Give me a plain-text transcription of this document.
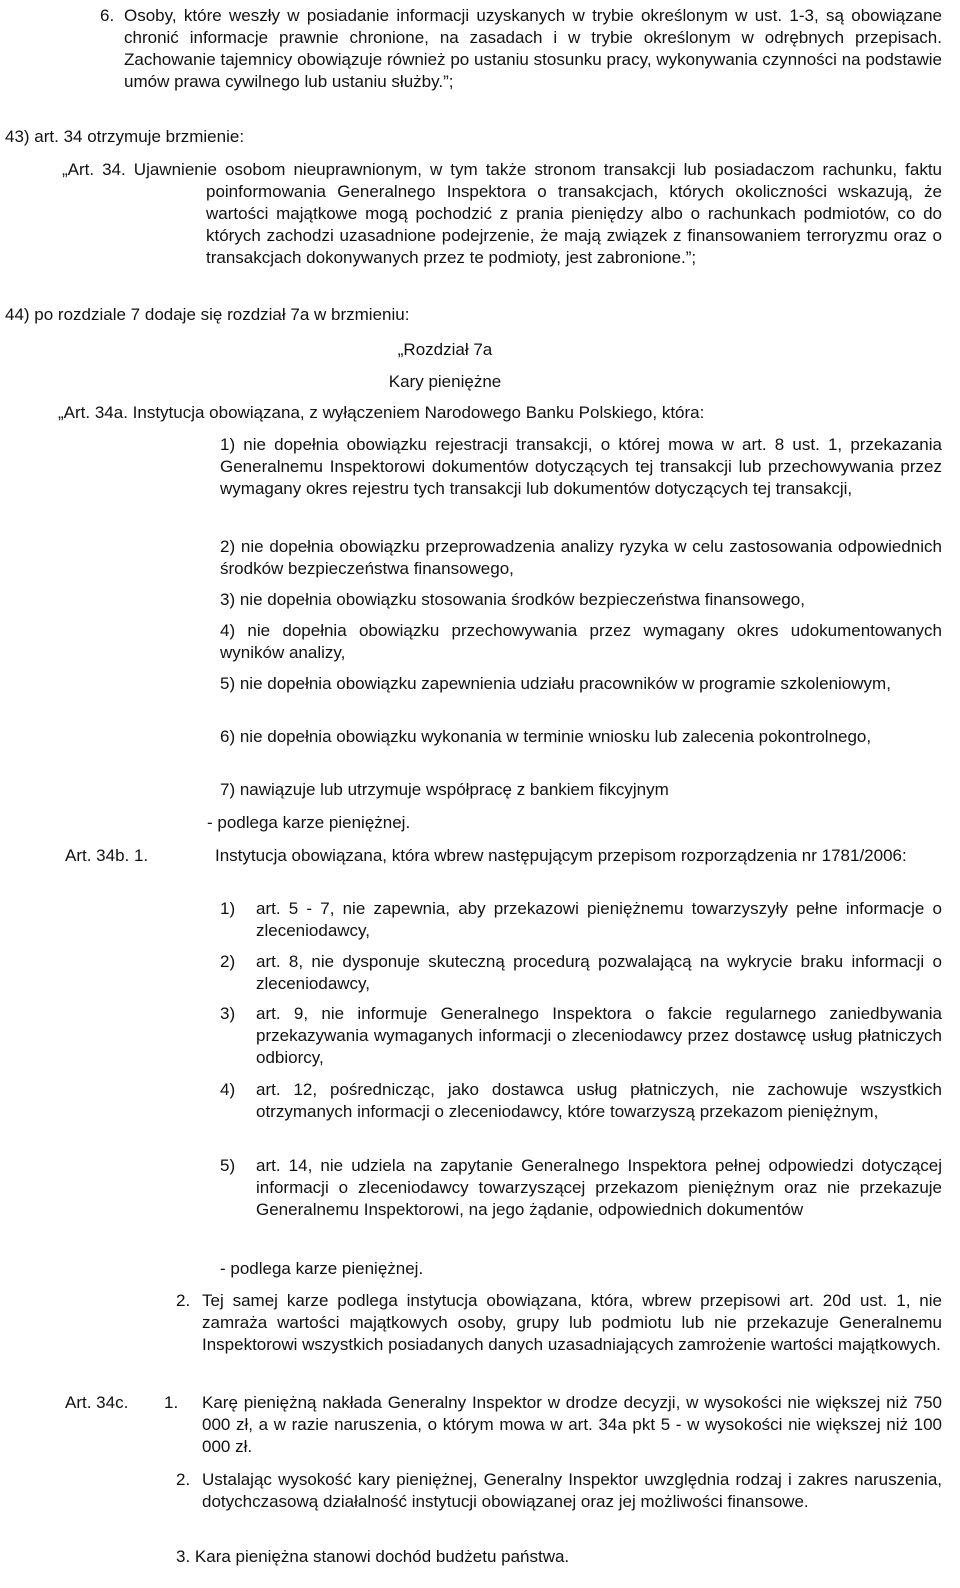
6. Osoby, które weszły w posiadanie informacji uzyskanych w trybie określonym w ust. 1-3, są obowiązane chronić informacje prawnie chronione, na zasadach i w trybie określonym w odrębnych przepisach. Zachowanie tajemnicy obowiązuje również po ustaniu stosunku pracy, wykonywania czynności na podstawie umów prawa cywilnego lub ustaniu służby.”;
43) art. 34 otrzymuje brzmienie:
„Art. 34. Ujawnienie osobom nieuprawnionym, w tym także stronom transakcji lub posiadaczom rachunku, faktu poinformowania Generalnego Inspektora o transakcjach, których okoliczności wskazują, że wartości majątkowe mogą pochodzić z prania pieniędzy albo o rachunkach podmiotów, co do których zachodzi uzasadnione podejrzenie, że mają związek z finansowaniem terroryzmu oraz o transakcjach dokonywanych przez te podmioty, jest zabronione.”;
44) po rozdziale 7 dodaje się rozdział 7a w brzmieniu:
„Rozdział 7a
Kary pieniężne
„Art. 34a. Instytucja obowiązana, z wyłączeniem Narodowego Banku Polskiego, która:
1) nie dopełnia obowiązku rejestracji transakcji, o której mowa w art. 8 ust. 1, przekazania Generalnemu Inspektorowi dokumentów dotyczących tej transakcji lub przechowywania przez wymagany okres rejestru tych transakcji lub dokumentów dotyczących tej transakcji,
2) nie dopełnia obowiązku przeprowadzenia analizy ryzyka w celu zastosowania odpowiednich środków bezpieczeństwa finansowego,
3) nie dopełnia obowiązku stosowania środków bezpieczeństwa finansowego,
4) nie dopełnia obowiązku przechowywania przez wymagany okres udokumentowanych wyników analizy,
5) nie dopełnia obowiązku zapewnienia udziału pracowników w programie szkoleniowym,
6) nie dopełnia obowiązku wykonania w terminie wniosku lub zalecenia pokontrolnego,
7) nawiązuje lub utrzymuje współpracę z bankiem fikcyjnym
- podlega karze pieniężnej.
Art. 34b. 1.	Instytucja obowiązana, która wbrew następującym przepisom rozporządzenia nr 1781/2006:
1) art. 5 - 7, nie zapewnia, aby przekazowi pieniężnemu towarzyszyły pełne informacje o zleceniodawcy,
2) art. 8, nie dysponuje skuteczną procedurą pozwalającą na wykrycie braku informacji o zleceniodawcy,
3) art. 9, nie informuje Generalnego Inspektora o fakcie regularnego zaniedbywania przekazywania wymaganych informacji o zleceniodawcy przez dostawcę usług płatniczych odbiorcy,
4) art. 12, pośrednicząc, jako dostawca usług płatniczych, nie zachowuje wszystkich otrzymanych informacji o zleceniodawcy, które towarzyszą przekazom pieniężnym,
5) art. 14, nie udziela na zapytanie Generalnego Inspektora pełnej odpowiedzi dotyczącej informacji o zleceniodawcy towarzyszącej przekazom pieniężnym oraz nie przekazuje Generalnemu Inspektorowi, na jego żądanie, odpowiednich dokumentów
- podlega karze pieniężnej.
2. Tej samej karze podlega instytucja obowiązana, która, wbrew przepisowi art. 20d ust. 1, nie zamraża wartości majątkowych osoby, grupy lub podmiotu lub nie przekazuje Generalnemu Inspektorowi wszystkich posiadanych danych uzasadniających zamrożenie wartości majątkowych.
Art. 34c. 1. Karę pieniężną nakłada Generalny Inspektor w drodze decyzji, w wysokości nie większej niż 750 000 zł, a w razie naruszenia, o którym mowa w art. 34a pkt 5 - w wysokości nie większej niż 100 000 zł.
2. Ustalając wysokość kary pieniężnej, Generalny Inspektor uwzględnia rodzaj i zakres naruszenia, dotychczasową działalność instytucji obowiązanej oraz jej możliwości finansowe.
3. Kara pieniężna stanowi dochód budżetu państwa.
